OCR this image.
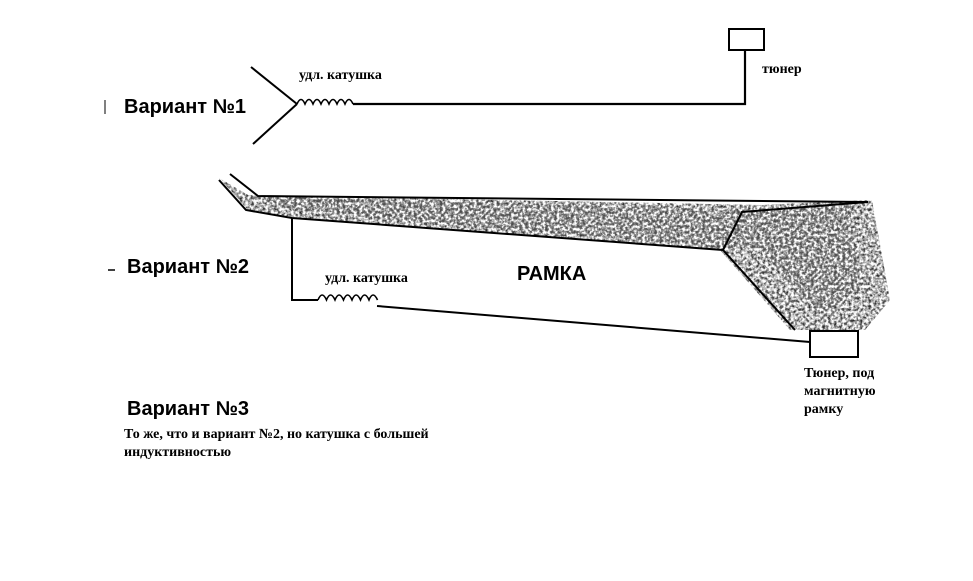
Вариант №1
удл. катушка	тюнер
Вариант №2
удл. катушка	РАМКА
Тюнер, под магнитную рамку
Вариант №3
То же, что и вариант №2, но катушка с большей индуктивностью
